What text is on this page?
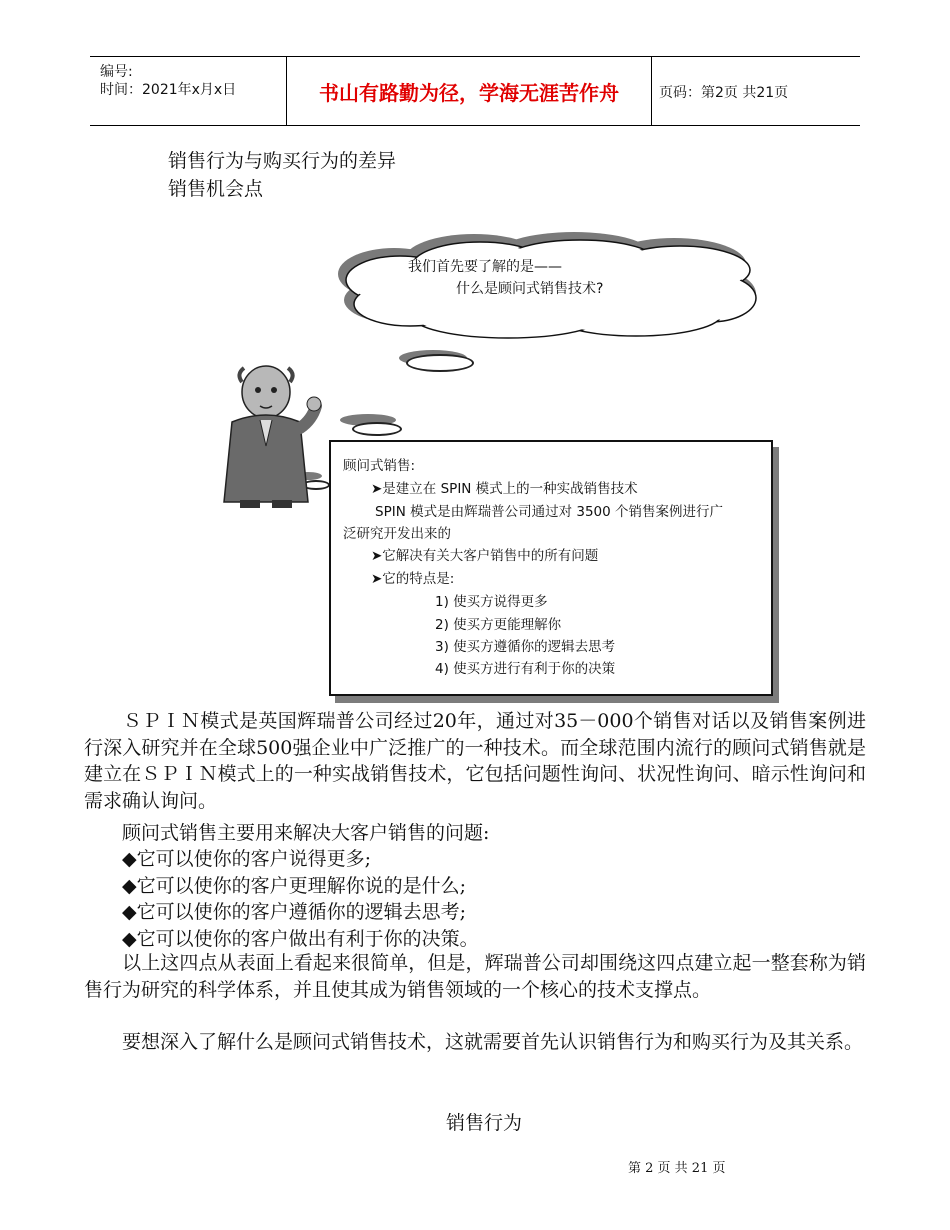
编号:
时间：2021年x月x日	书山有路勤为径，学海无涯苦作舟	页码：第2页 共21页
销售行为与购买行为的差异
销售机会点
我们首先要了解的是——
什么是顾问式销售技术?
顾问式销售:
➤是建立在 SPIN 模式上的一种实战销售技术
SPIN 模式是由辉瑞普公司通过对 3500 个销售案例进行广
泛研究开发出来的
➤它解决有关大客户销售中的所有问题
➤它的特点是:
1) 使买方说得更多
2) 使买方更能理解你
3) 使买方遵循你的逻辑去思考
4) 使买方进行有利于你的决策
　　ＳＰＩＮ模式是英国辉瑞普公司经过20年，通过对35－000个销售对话以及销售案例进行深入研究并在全球500强企业中广泛推广的一种技术。而全球范围内流行的顾问式销售就是建立在ＳＰＩＮ模式上的一种实战销售技术，它包括问题性询问、状况性询问、暗示性询问和需求确认询问。
　　顾问式销售主要用来解决大客户销售的问题:
　　◆它可以使你的客户说得更多;
　　◆它可以使你的客户更理解你说的是什么;
　　◆它可以使你的客户遵循你的逻辑去思考;
　　◆它可以使你的客户做出有利于你的决策。
　　以上这四点从表面上看起来很简单，但是，辉瑞普公司却围绕这四点建立起一整套称为销售行为研究的科学体系，并且使其成为销售领域的一个核心的技术支撑点。
　　要想深入了解什么是顾问式销售技术，这就需要首先认识销售行为和购买行为及其关系。
销售行为
第 2 页 共 21 页
